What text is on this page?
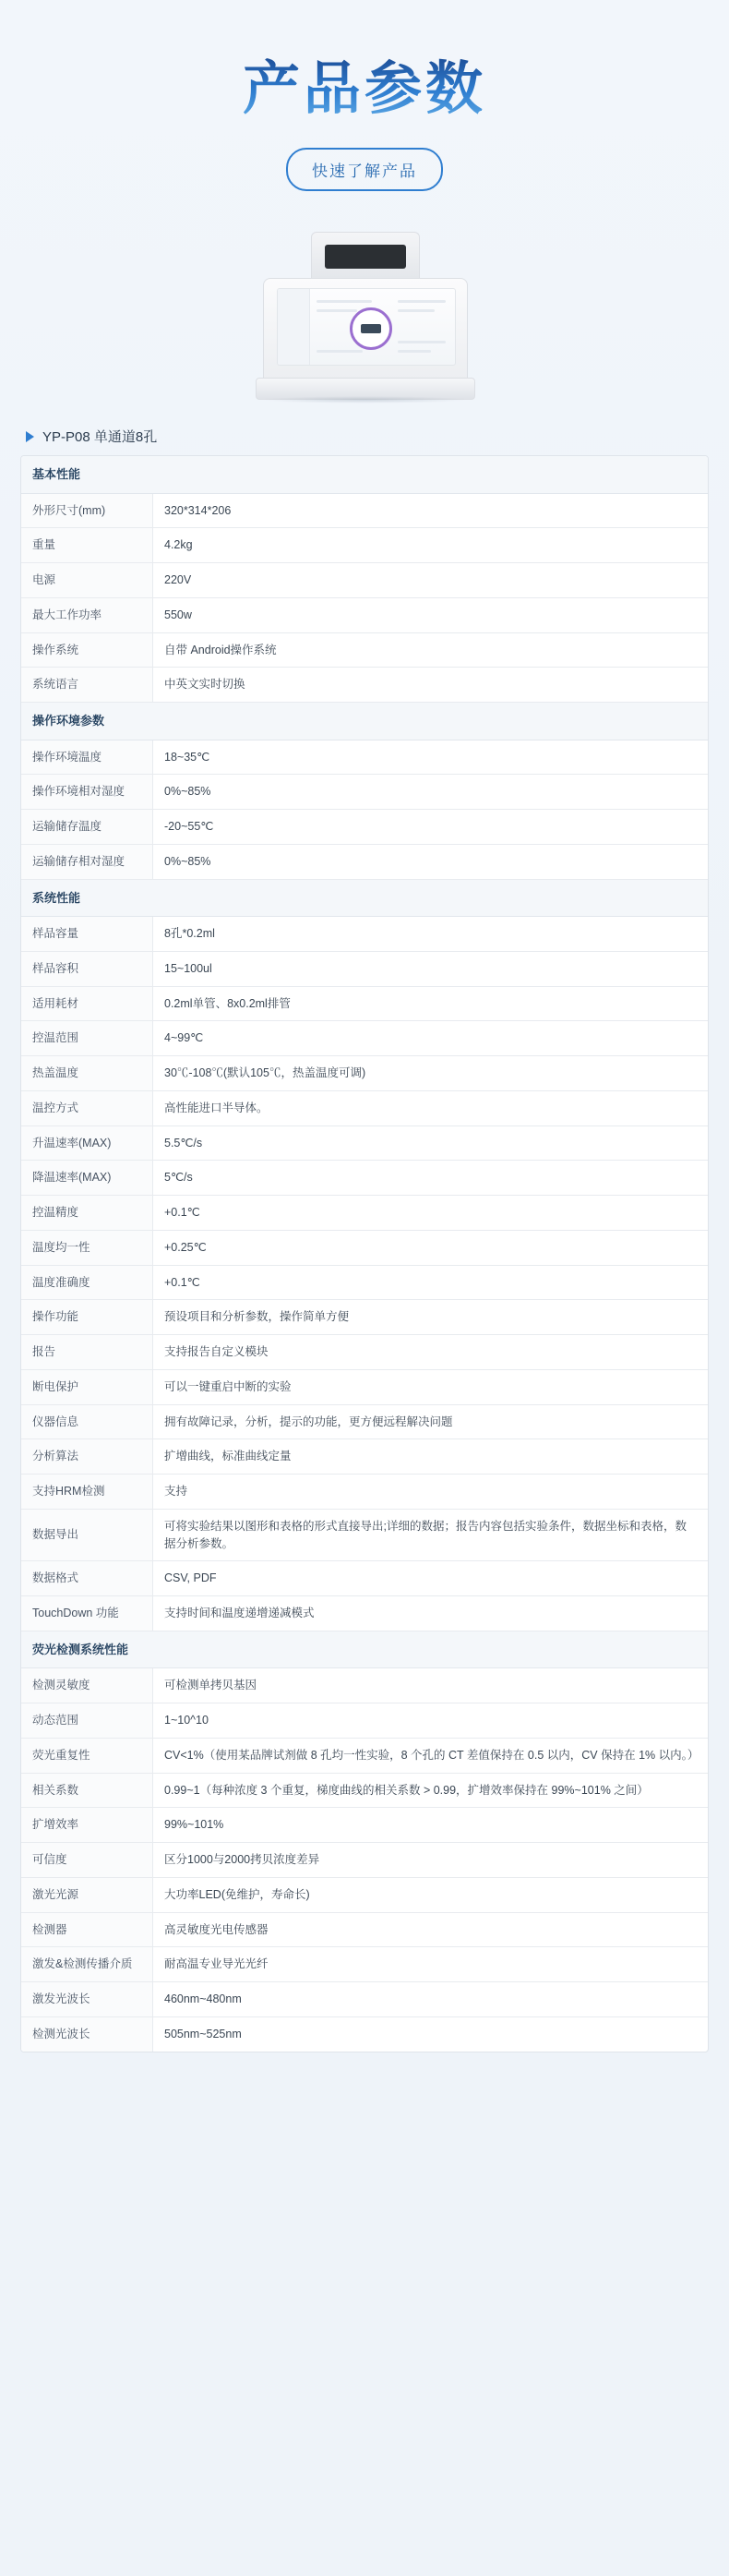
产品参数
快速了解产品
YP-P08 单通道8孔
基本性能	
外形尺寸(mm)	320*314*206
重量	4.2kg
电源	220V
最大工作功率	550w
操作系统	自带 Android操作系统
系统语言	中英文实时切换
操作环境参数	
操作环境温度	18~35℃
操作环境相对湿度	0%~85%
运输储存温度	-20~55℃
运输储存相对湿度	0%~85%
系统性能	
样品容量	8孔*0.2ml
样品容积	15~100ul
适用耗材	0.2ml单管、8x0.2ml排管
控温范围	4~99℃
热盖温度	30℃-108℃(默认105℃，热盖温度可调)
温控方式	高性能进口半导体。
升温速率(MAX)	5.5℃/s
降温速率(MAX)	5℃/s
控温精度	+0.1℃
温度均一性	+0.25℃
温度准确度	+0.1℃
操作功能	预设项目和分析参数，操作简单方便
报告	支持报告自定义模块
断电保护	可以一键重启中断的实验
仪器信息	拥有故障记录，分析，提示的功能，更方便远程解决问题
分析算法	扩增曲线，标准曲线定量
支持HRM检测	支持
数据导出	可将实验结果以图形和表格的形式直接导出;详细的数据；报告内容包括实验条件，数据坐标和表格，数据分析参数。
数据格式	CSV, PDF
TouchDown 功能	支持时间和温度递增递减模式
荧光检测系统性能	
检测灵敏度	可检测单拷贝基因
动态范围	1~10^10
荧光重复性	CV<1%（使用某品牌试剂做 8 孔均一性实验，8 个孔的 CT 差值保持在 0.5 以内，CV 保持在 1% 以内。）
相关系数	0.99~1（每种浓度 3 个重复，梯度曲线的相关系数 > 0.99，扩增效率保持在 99%~101% 之间）
扩增效率	99%~101%
可信度	区分1000与2000拷贝浓度差异
激光光源	大功率LED(免维护，寿命长)
检测器	高灵敏度光电传感器
激发&检测传播介质	耐高温专业导光光纤
激发光波长	460nm~480nm
检测光波长	505nm~525nm
